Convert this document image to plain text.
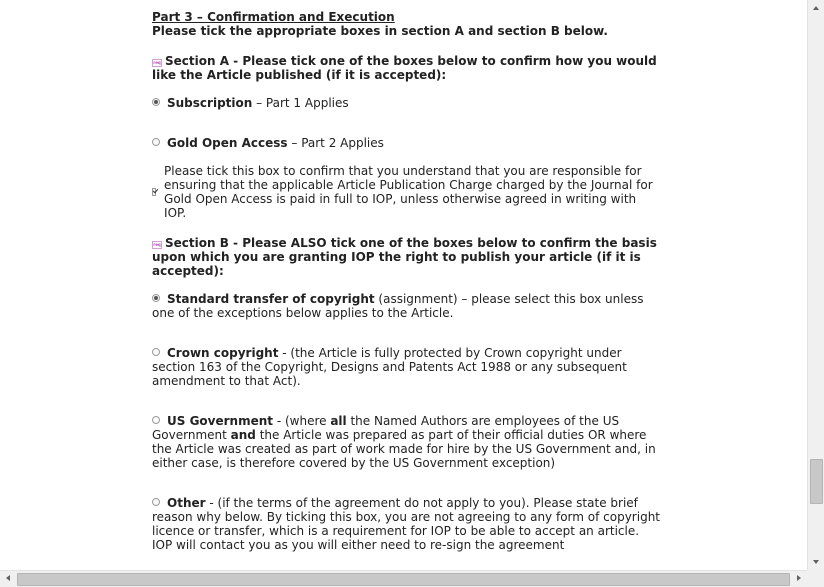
Part 3 – Confirmation and Execution

Please tick the appropriate boxes in section A and section B below.

req Section A - Please tick one of the boxes below to confirm how you would like the Article published (if it is accepted):

Subscription – Part 1 Applies
Gold Open Access – Part 2 Applies
Please tick this box to confirm that you understand that you are responsible for ensuring that the applicable Article Publication Charge charged by the Journal for Gold Open Access is paid in full to IOP, unless otherwise agreed in writing with IOP.

req Section B - Please ALSO tick one of the boxes below to confirm the basis upon which you are granting IOP the right to publish your article (if it is accepted):

Standard transfer of copyright (assignment) – please select this box unless one of the exceptions below applies to the Article.
Crown copyright - (the Article is fully protected by Crown copyright under section 163 of the Copyright, Designs and Patents Act 1988 or any subsequent amendment to that Act).
US Government - (where all the Named Authors are employees of the US Government and the Article was prepared as part of their official duties OR where the Article was created as part of work made for hire by the US Government and, in either case, is therefore covered by the US Government exception)
Other - (if the terms of the agreement do not apply to you). Please state brief reason why below. By ticking this box, you are not agreeing to any form of copyright licence or transfer, which is a requirement for IOP to be able to accept an article. IOP will contact you as you will either need to re-sign the agreement
